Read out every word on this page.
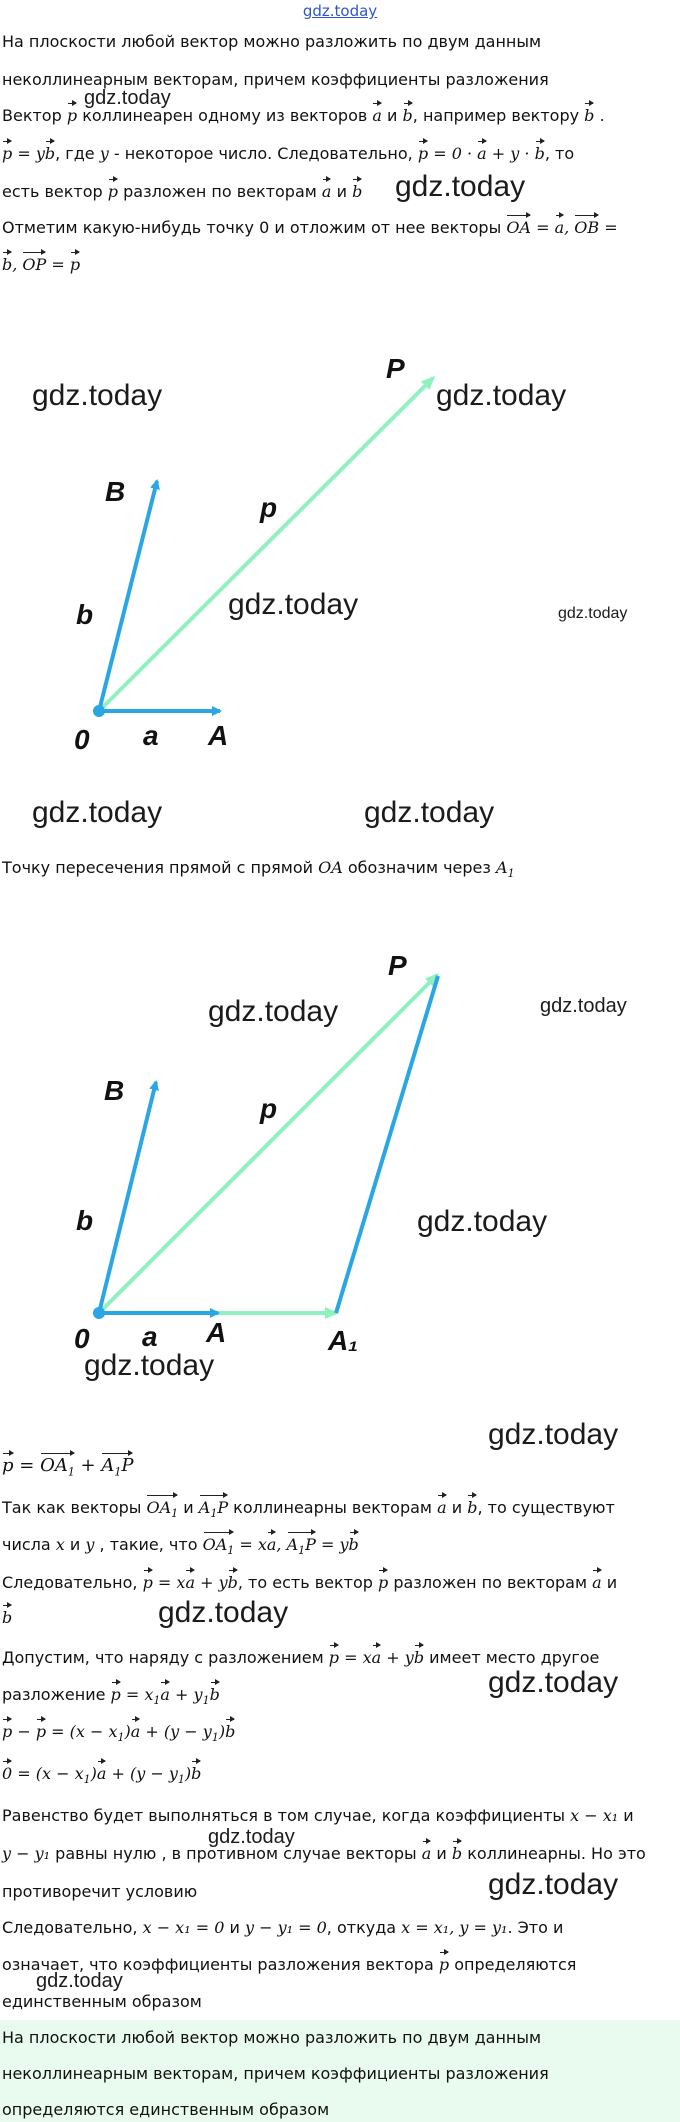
gdz.today
На плоскости любой вектор можно разложить по двум данным
неколлинеарным векторам, причем коэффициенты разложения
gdz.today
Вектор p коллинеарен одному из векторов a и b, например вектору b .
p = yb, где y - некоторое число. Следовательно, p = 0 · a + y · b, то
есть вектор p разложен по векторам a и b gdz.today
Отметим какую-нибудь точку 0 и отложим от нее векторы OA = a, OB =
b, OP = p
P
p
B
b
0 a A
gdz.today	gdz.today
gdz.today	gdz.today
gdz.today	gdz.today
Точку пересечения прямой с прямой OA обозначим через $A_1$
P
p
B
b
0 a A	A₁
gdz.today	gdz.today
gdz.today
gdz.today
gdz.today
$p = OA_1 + A_1P$
Так как векторы $OA_1$ и $A_1P$ коллинеарны векторам a и b, то существуют
числа x и y , такие, что $OA_1$ = xa, $A_1P$ = yb
Следовательно, p = xa + yb, то есть вектор p разложен по векторам a и
b	gdz.today
Допустим, что наряду с разложением p = xa + yb имеет место другое
разложение $p = x_1a + y_1b$	gdz.today
$p - p = (x - x_1)a + (y - y_1)b$
$0 = (x - x_1)a + (y - y_1)b$
Равенство будет выполняться в том случае, когда коэффициенты x − x₁ и
gdz.today
y − y₁ равны нулю , в противном случае векторы a и b коллинеарны. Но это
противоречит условию	gdz.today
Следовательно, x − x₁ = 0 и y − y₁ = 0, откуда x = x₁, y = y₁. Это и
означает, что коэффициенты разложения вектора p определяются
gdz.today
единственным образом
На плоскости любой вектор можно разложить по двум данным
неколлинеарным векторам, причем коэффициенты разложения
определяются единственным образом
